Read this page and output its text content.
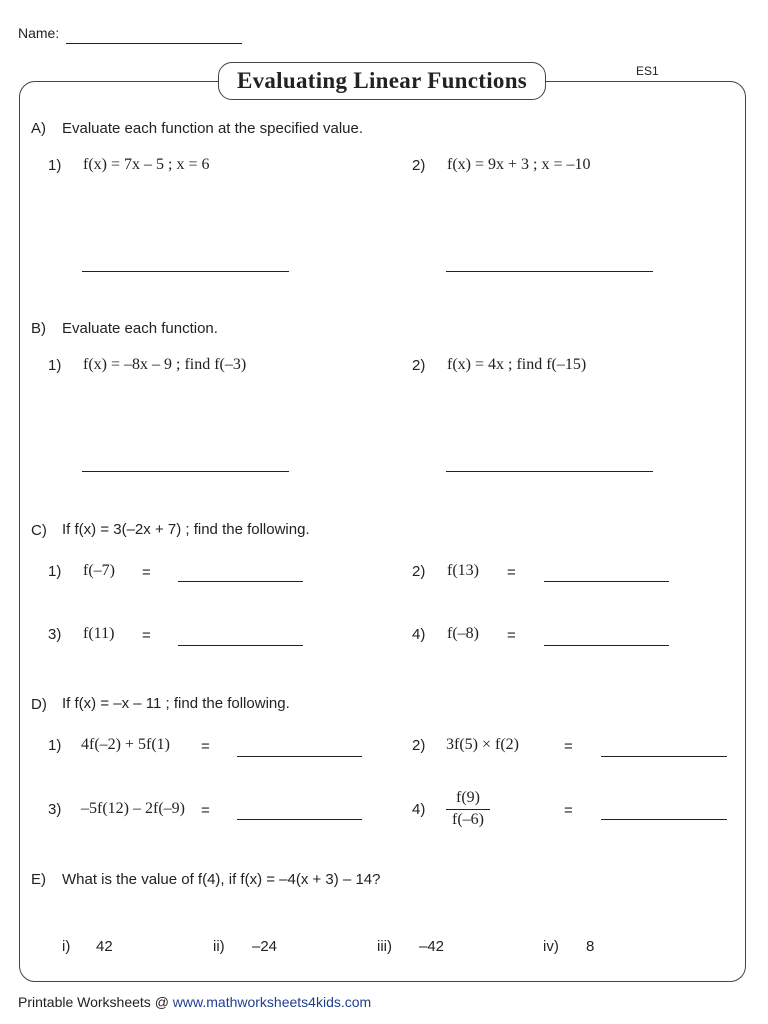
Name:
ES1
Evaluating Linear Functions
A) Evaluate each function at the specified value.
1) f(x) = 7x – 5 ; x = 6	2) f(x) = 9x + 3 ; x = –10
B) Evaluate each function.
1) f(x) = –8x – 9 ; find f(–3)	2) f(x) = 4x ; find f(–15)
C) If f(x) = 3(–2x + 7) ; find the following.
1) f(–7) =	2) f(13) =
3) f(11) =	4) f(–8) =
D) If f(x) = –x – 11 ; find the following.
1) 4f(–2) + 5f(1) =	2) 3f(5) × f(2)	=
3) –5f(12) – 2f(–9) =	4)
f(9)
f(–6)
=
E) What is the value of f(4), if f(x) = –4(x + 3) – 14?
i) 42	ii) –24	iii) –42	iv) 8
Printable Worksheets @ www.mathworksheets4kids.com
